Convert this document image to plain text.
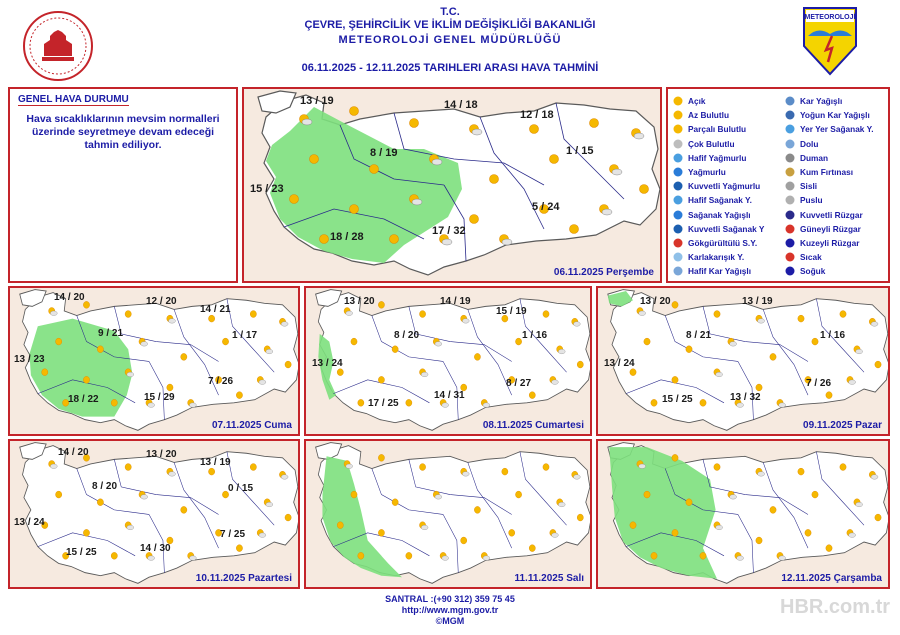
T.C.
ÇEVRE, ŞEHİRCİLİK VE İKLİM DEĞİŞİKLİĞİ BAKANLIĞI
METEOROLOJİ GENEL MÜDÜRLÜĞÜ
06.11.2025 - 12.11.2025 TARIHLERI ARASI HAVA TAHMİNİ
METEOROLOJİ
GENEL HAVA DURUMU
Hava sıcaklıklarının mevsim normalleri üzerinde seyretmeye devam edeceği tahmin ediliyor.
13 / 19	14 / 18
12 / 18
8 / 19	1 / 15
15 / 23
5 / 24
18 / 28	17 / 32
06.11.2025 Perşembe
Açık
Az Bulutlu
Parçalı Bulutlu
Çok Bulutlu
Hafif Yağmurlu
Yağmurlu
Kuvvetli Yağmurlu
Hafif Sağanak Y.
Sağanak Yağışlı
Kuvvetli Sağanak Y
Gökgürültülü S.Y.
Karlakarışık Y.
Hafif Kar Yağışlı
Kar Yağışlı
Yoğun Kar Yağışlı
Yer Yer Sağanak Y.
Dolu
Duman
Kum Fırtınası
Sisli
Puslu
Kuvvetli Rüzgar
Güneyli Rüzgar
Kuzeyli Rüzgar
Sıcak
Soğuk
14 / 20	12 / 20
14 / 21
9 / 21	1 / 17
13 / 23
7 / 26
18 / 22	15 / 29
07.11.2025 Cuma
13 / 20	14 / 19
15 / 19
8 / 20	1 / 16
13 / 24
8 / 27
17 / 25
14 / 31
08.11.2025 Cumartesi
13 / 20	13 / 19
8 / 21	1 / 16
13 / 24
7 / 26
15 / 25	13 / 32
09.11.2025 Pazar
14 / 20	13 / 20
13 / 19
8 / 20	0 / 15
13 / 24
7 / 25
15 / 25	14 / 30
10.11.2025 Pazartesi	11.11.2025 Salı	12.11.2025 Çarşamba
SANTRAL :(+90 312) 359 75 45
http://www.mgm.gov.tr
©MGM
HBR.com.tr
